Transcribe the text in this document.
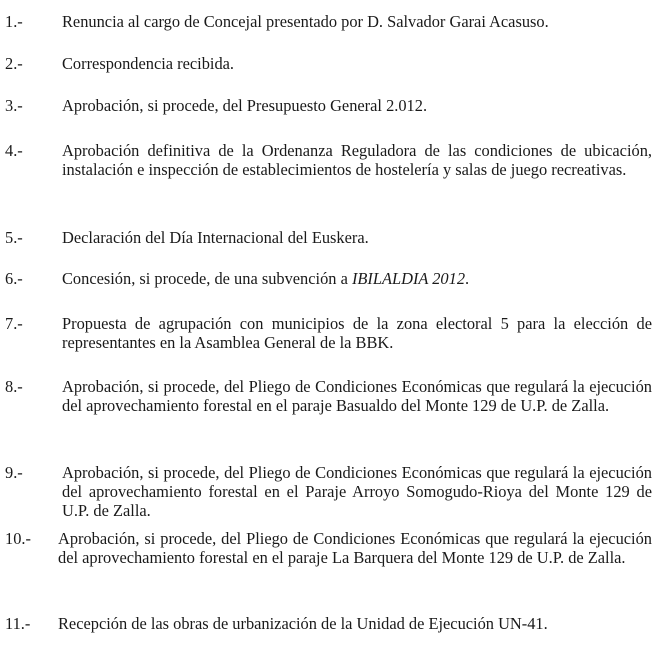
1.- Renuncia al cargo de Concejal presentado por D. Salvador Garai Acasuso.
2.- Correspondencia recibida.
3.- Aprobación, si procede, del Presupuesto General 2.012.
4.- Aprobación definitiva de la Ordenanza Reguladora de las condiciones de ubicación, instalación e inspección de establecimientos de hostelería y salas de juego recreativas.
5.- Declaración del Día Internacional del Euskera.
6.- Concesión, si procede, de una subvención a IBILALDIA 2012.
7.- Propuesta de agrupación con municipios de la zona electoral 5 para la elección de representantes en la Asamblea General de la BBK.
8.- Aprobación, si procede, del Pliego de Condiciones Económicas que regulará la ejecución del aprovechamiento forestal en el paraje Basualdo del Monte 129 de U.P. de Zalla.
9.- Aprobación, si procede, del Pliego de Condiciones Económicas que regulará la ejecución del aprovechamiento forestal en el Paraje Arroyo Somogudo-Rioya del Monte 129 de U.P. de Zalla.
10.- Aprobación, si procede, del Pliego de Condiciones Económicas que regulará la ejecución del aprovechamiento forestal en el paraje La Barquera del Monte 129 de U.P. de Zalla.
11.- Recepción de las obras de urbanización de la Unidad de Ejecución UN-41.
